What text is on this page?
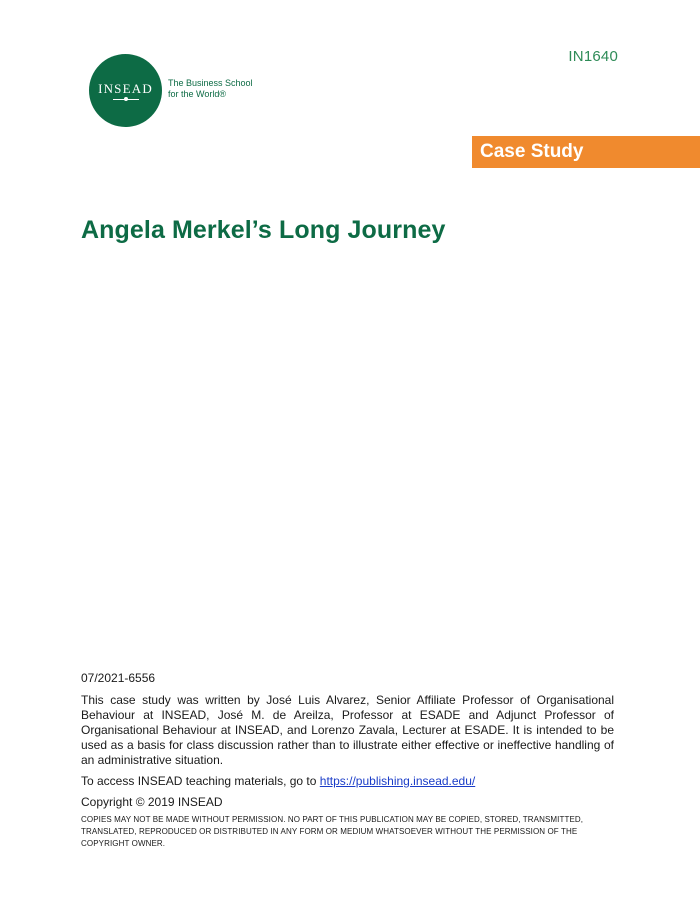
IN1640
INSEAD The Business School
for the World®
Case Study
Angela Merkel’s Long Journey

07/2021-6556

This case study was written by José Luis Alvarez, Senior Affiliate Professor of Organisational Behaviour at INSEAD, José M. de Areilza, Professor at ESADE and Adjunct Professor of Organisational Behaviour at INSEAD, and Lorenzo Zavala, Lecturer at ESADE. It is intended to be used as a basis for class discussion rather than to illustrate either effective or ineffective handling of an administrative situation.

To access INSEAD teaching materials, go to https://publishing.insead.edu/

Copyright © 2019 INSEAD

COPIES MAY NOT BE MADE WITHOUT PERMISSION. NO PART OF THIS PUBLICATION MAY BE COPIED, STORED, TRANSMITTED, TRANSLATED, REPRODUCED OR DISTRIBUTED IN ANY FORM OR MEDIUM WHATSOEVER WITHOUT THE PERMISSION OF THE COPYRIGHT OWNER.
